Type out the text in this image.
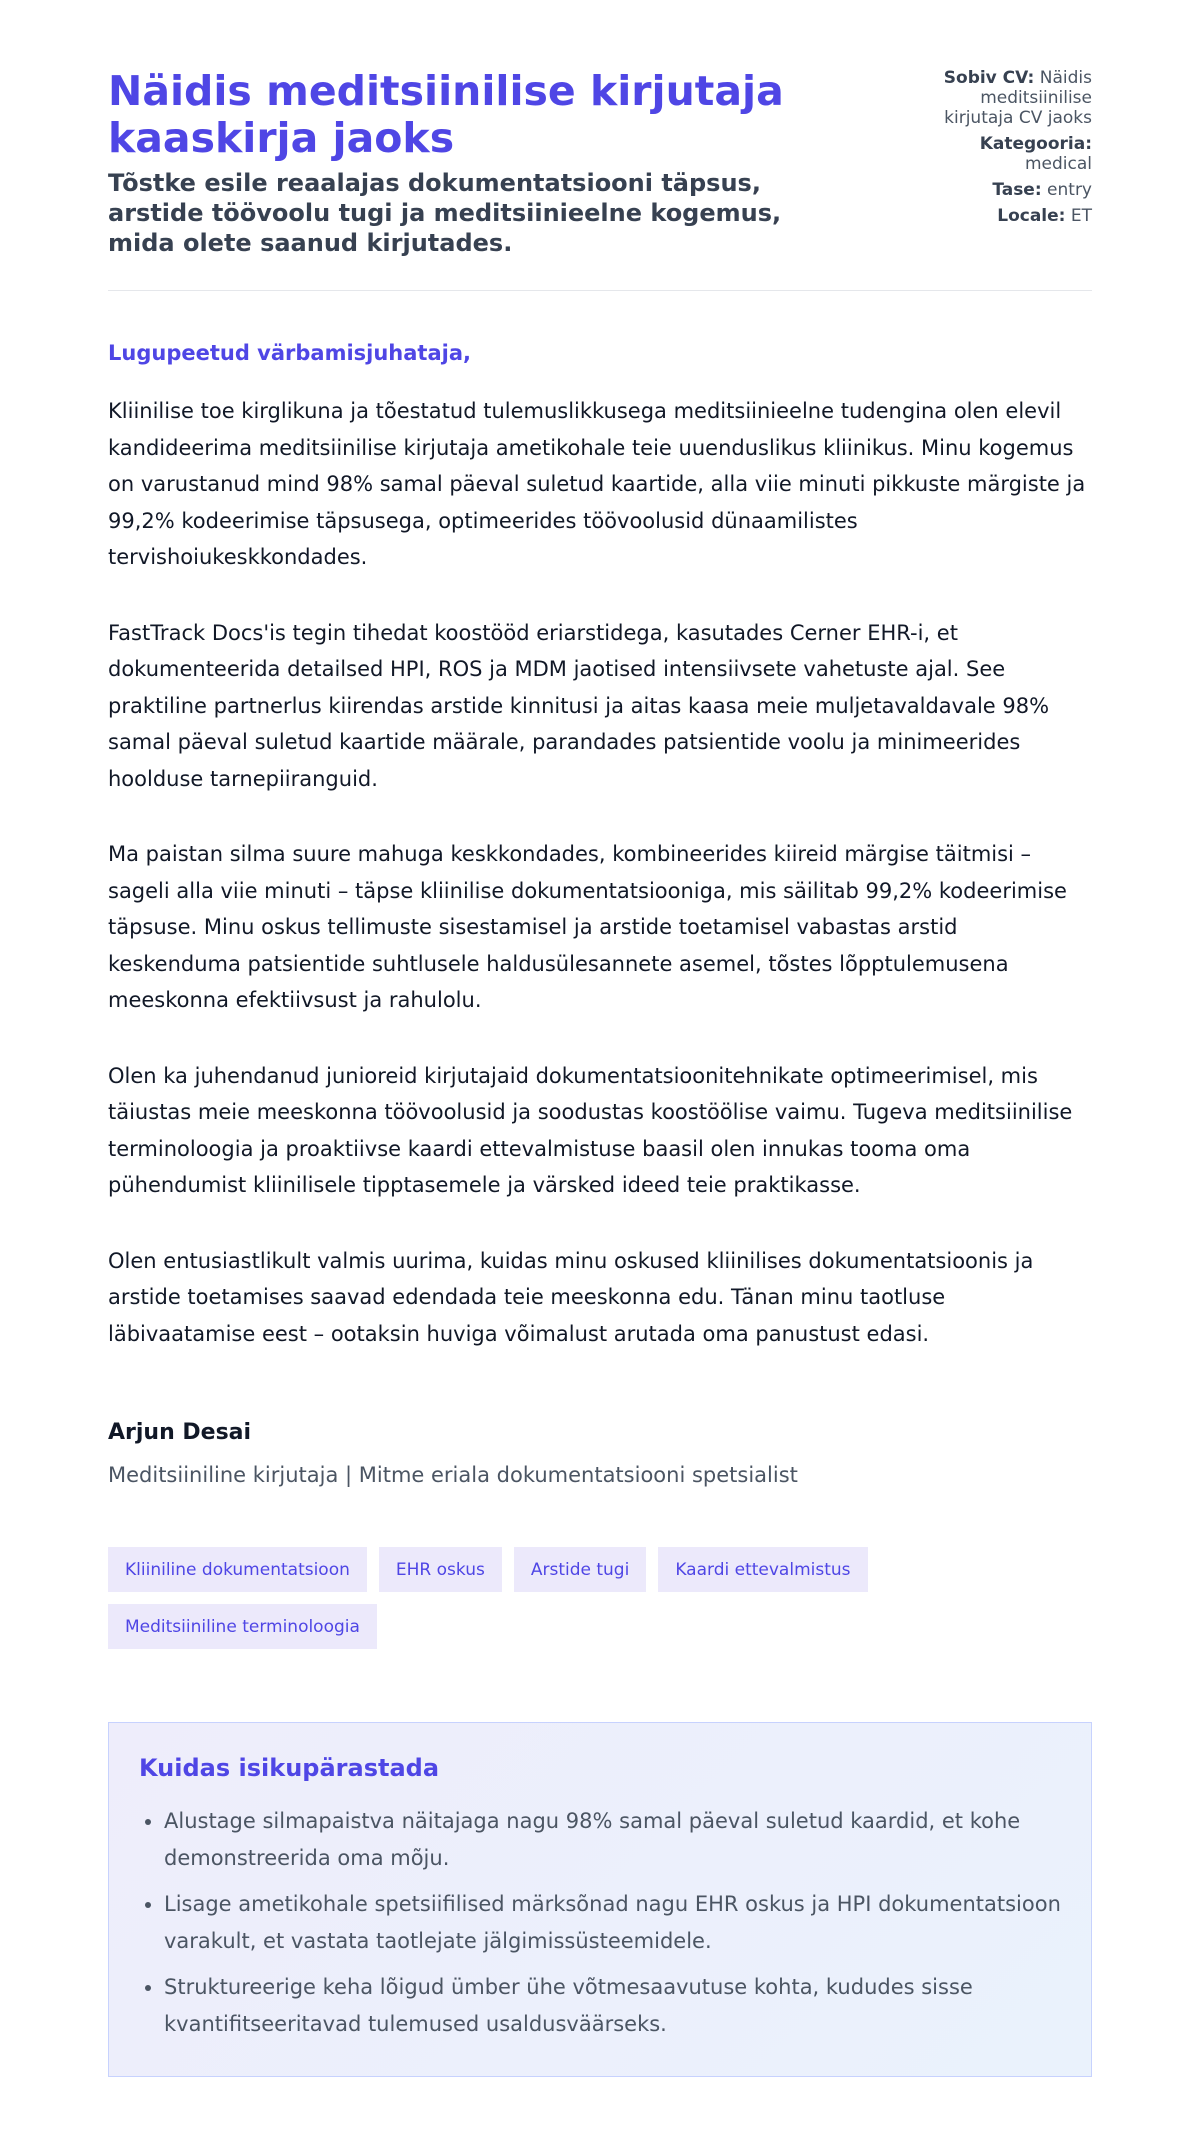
Näidis meditsiinilise kirjutaja kaaskirja jaoks

Tõstke esile reaalajas dokumentatsiooni täpsus, arstide töövoolu tugi ja meditsiinieelne kogemus, mida olete saanud kirjutades.

Sobiv CV: Näidis meditsiinilise kirjutaja CV jaoks
Kategooria: medical
Tase: entry
Locale: ET

Lugupeetud värbamisjuhataja,

Kliinilise toe kirglikuna ja tõestatud tulemuslikkusega meditsiinieelne tudengina olen elevil kandideerima meditsiinilise kirjutaja ametikohale teie uuenduslikus kliinikus. Minu kogemus on varustanud mind 98% samal päeval suletud kaartide, alla viie minuti pikkuste märgiste ja 99,2% kodeerimise täpsusega, optimeerides töövoolusid dünaamilistes tervishoiukeskkondades.

FastTrack Docs'is tegin tihedat koostööd eriarstidega, kasutades Cerner EHR-i, et dokumenteerida detailsed HPI, ROS ja MDM jaotised intensiivsete vahetuste ajal. See praktiline partnerlus kiirendas arstide kinnitusi ja aitas kaasa meie muljetavaldavale 98% samal päeval suletud kaartide määrale, parandades patsientide voolu ja minimeerides hoolduse tarnepiiranguid.

Ma paistan silma suure mahuga keskkondades, kombineerides kiireid märgise täitmisi – sageli alla viie minuti – täpse kliinilise dokumentatsiooniga, mis säilitab 99,2% kodeerimise täpsuse. Minu oskus tellimuste sisestamisel ja arstide toetamisel vabastas arstid keskenduma patsientide suhtlusele haldusülesannete asemel, tõstes lõpptulemusena meeskonna efektiivsust ja rahulolu.

Olen ka juhendanud junioreid kirjutajaid dokumentatsioonitehnikate optimeerimisel, mis täiustas meie meeskonna töövoolusid ja soodustas koostöölise vaimu. Tugeva meditsiinilise terminoloogia ja proaktiivse kaardi ettevalmistuse baasil olen innukas tooma oma pühendumist kliinilisele tipptasemele ja värsked ideed teie praktikasse.

Olen entusiastlikult valmis uurima, kuidas minu oskused kliinilises dokumentatsioonis ja arstide toetamises saavad edendada teie meeskonna edu. Tänan minu taotluse läbivaatamise eest – ootaksin huviga võimalust arutada oma panustust edasi.

Arjun Desai

Meditsiiniline kirjutaja | Mitme eriala dokumentatsiooni spetsialist

Kliiniline dokumentatsioon	EHR oskus	Arstide tugi	Kaardi ettevalmistus
Meditsiiniline terminoloogia
Kuidas isikupärastada
• Alustage silmapaistva näitajaga nagu 98% samal päeval suletud kaardid, et kohe demonstreerida oma mõju.
• Lisage ametikohale spetsiifilised märksõnad nagu EHR oskus ja HPI dokumentatsioon varakult, et vastata taotlejate jälgimissüsteemidele.
• Struktureerige keha lõigud ümber ühe võtmesaavutuse kohta, kududes sisse kvantifitseeritavad tulemused usaldusväärseks.
